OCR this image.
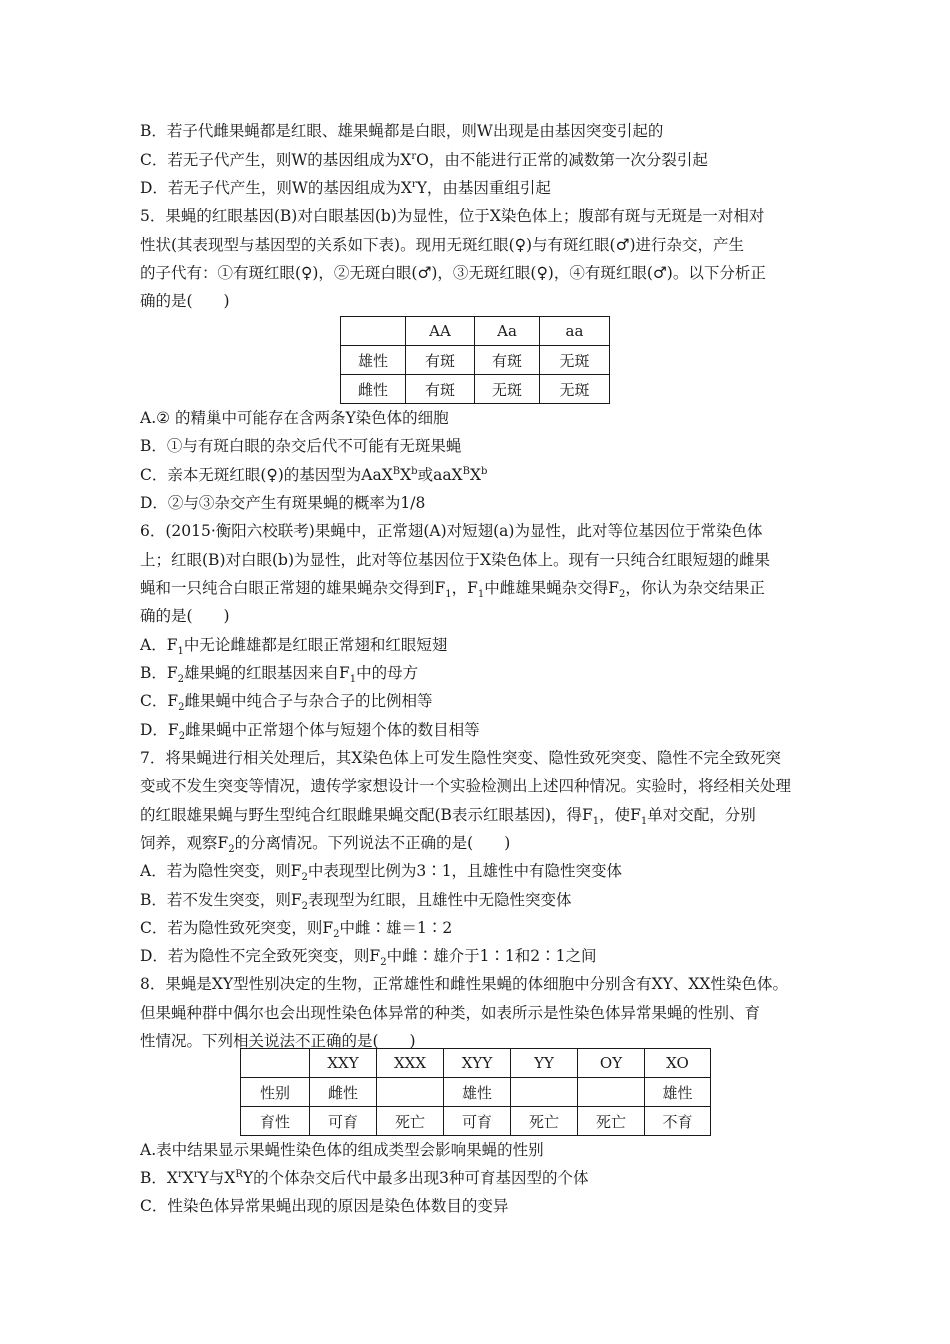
B．若子代雌果蝇都是红眼、雄果蝇都是白眼，则W出现是由基因突变引起的
C．若无子代产生，则W的基因组成为$X^rO$，由不能进行正常的减数第一次分裂引起
D．若无子代产生，则W的基因组成为$X^rY$，由基因重组引起
5．果蝇的红眼基因(B)对白眼基因(b)为显性，位于X染色体上；腹部有斑与无斑是一对相对
性状(其表现型与基因型的关系如下表)。现用无斑红眼(♀)与有斑红眼(♂)进行杂交，产生
的子代有：①有斑红眼(♀)，②无斑白眼(♂)，③无斑红眼(♀)，④有斑红眼(♂)。以下分析正
确的是(　　)
	AA	Aa	aa
雄性	有斑	有斑	无斑
雌性	有斑	无斑	无斑
A.② 的精巢中可能存在含两条Y染色体的细胞
B．①与有斑白眼的杂交后代不可能有无斑果蝇
C．亲本无斑红眼(♀)的基因型为$AaX^BX^b$或$aaX^BX^b$
D．②与③杂交产生有斑果蝇的概率为1/8
6．(2015·衡阳六校联考)果蝇中，正常翅(A)对短翅(a)为显性，此对等位基因位于常染色体
上；红眼(B)对白眼(b)为显性，此对等位基因位于X染色体上。现有一只纯合红眼短翅的雌果
蝇和一只纯合白眼正常翅的雄果蝇杂交得到$F_1$，$F_1$中雌雄果蝇杂交得$F_2$，你认为杂交结果正
确的是(　　)
A．$F_1$中无论雌雄都是红眼正常翅和红眼短翅
B．$F_2$雄果蝇的红眼基因来自$F_1$中的母方
C．$F_2$雌果蝇中纯合子与杂合子的比例相等
D．$F_2$雌果蝇中正常翅个体与短翅个体的数目相等
7．将果蝇进行相关处理后，其X染色体上可发生隐性突变、隐性致死突变、隐性不完全致死突
变或不发生突变等情况，遗传学家想设计一个实验检测出上述四种情况。实验时，将经相关处理
的红眼雄果蝇与野生型纯合红眼雌果蝇交配(B表示红眼基因)，得$F_1$，使$F_1$单对交配，分别
饲养，观察$F_2$的分离情况。下列说法不正确的是(　　)
A．若为隐性突变，则$F_2$中表现型比例为3∶1，且雄性中有隐性突变体
B．若不发生突变，则$F_2$表现型为红眼，且雄性中无隐性突变体
C．若为隐性致死突变，则$F_2$中雌∶雄＝1∶2
D．若为隐性不完全致死突变，则$F_2$中雌∶雄介于1∶1和2∶1之间
8．果蝇是XY型性别决定的生物，正常雄性和雌性果蝇的体细胞中分别含有XY、XX性染色体。
但果蝇种群中偶尔也会出现性染色体异常的种类，如表所示是性染色体异常果蝇的性别、育
性情况。下列相关说法不正确的是(　　)
	XXY	XXX	XYY	YY	OY	XO
性别	雌性		雄性			雄性
育性	可育	死亡	可育	死亡	死亡	不育
A.表中结果显示果蝇性染色体的组成类型会影响果蝇的性别
B．$X^rX^rY$与$X^RY$的个体杂交后代中最多出现3种可育基因型的个体
C．性染色体异常果蝇出现的原因是染色体数目的变异
